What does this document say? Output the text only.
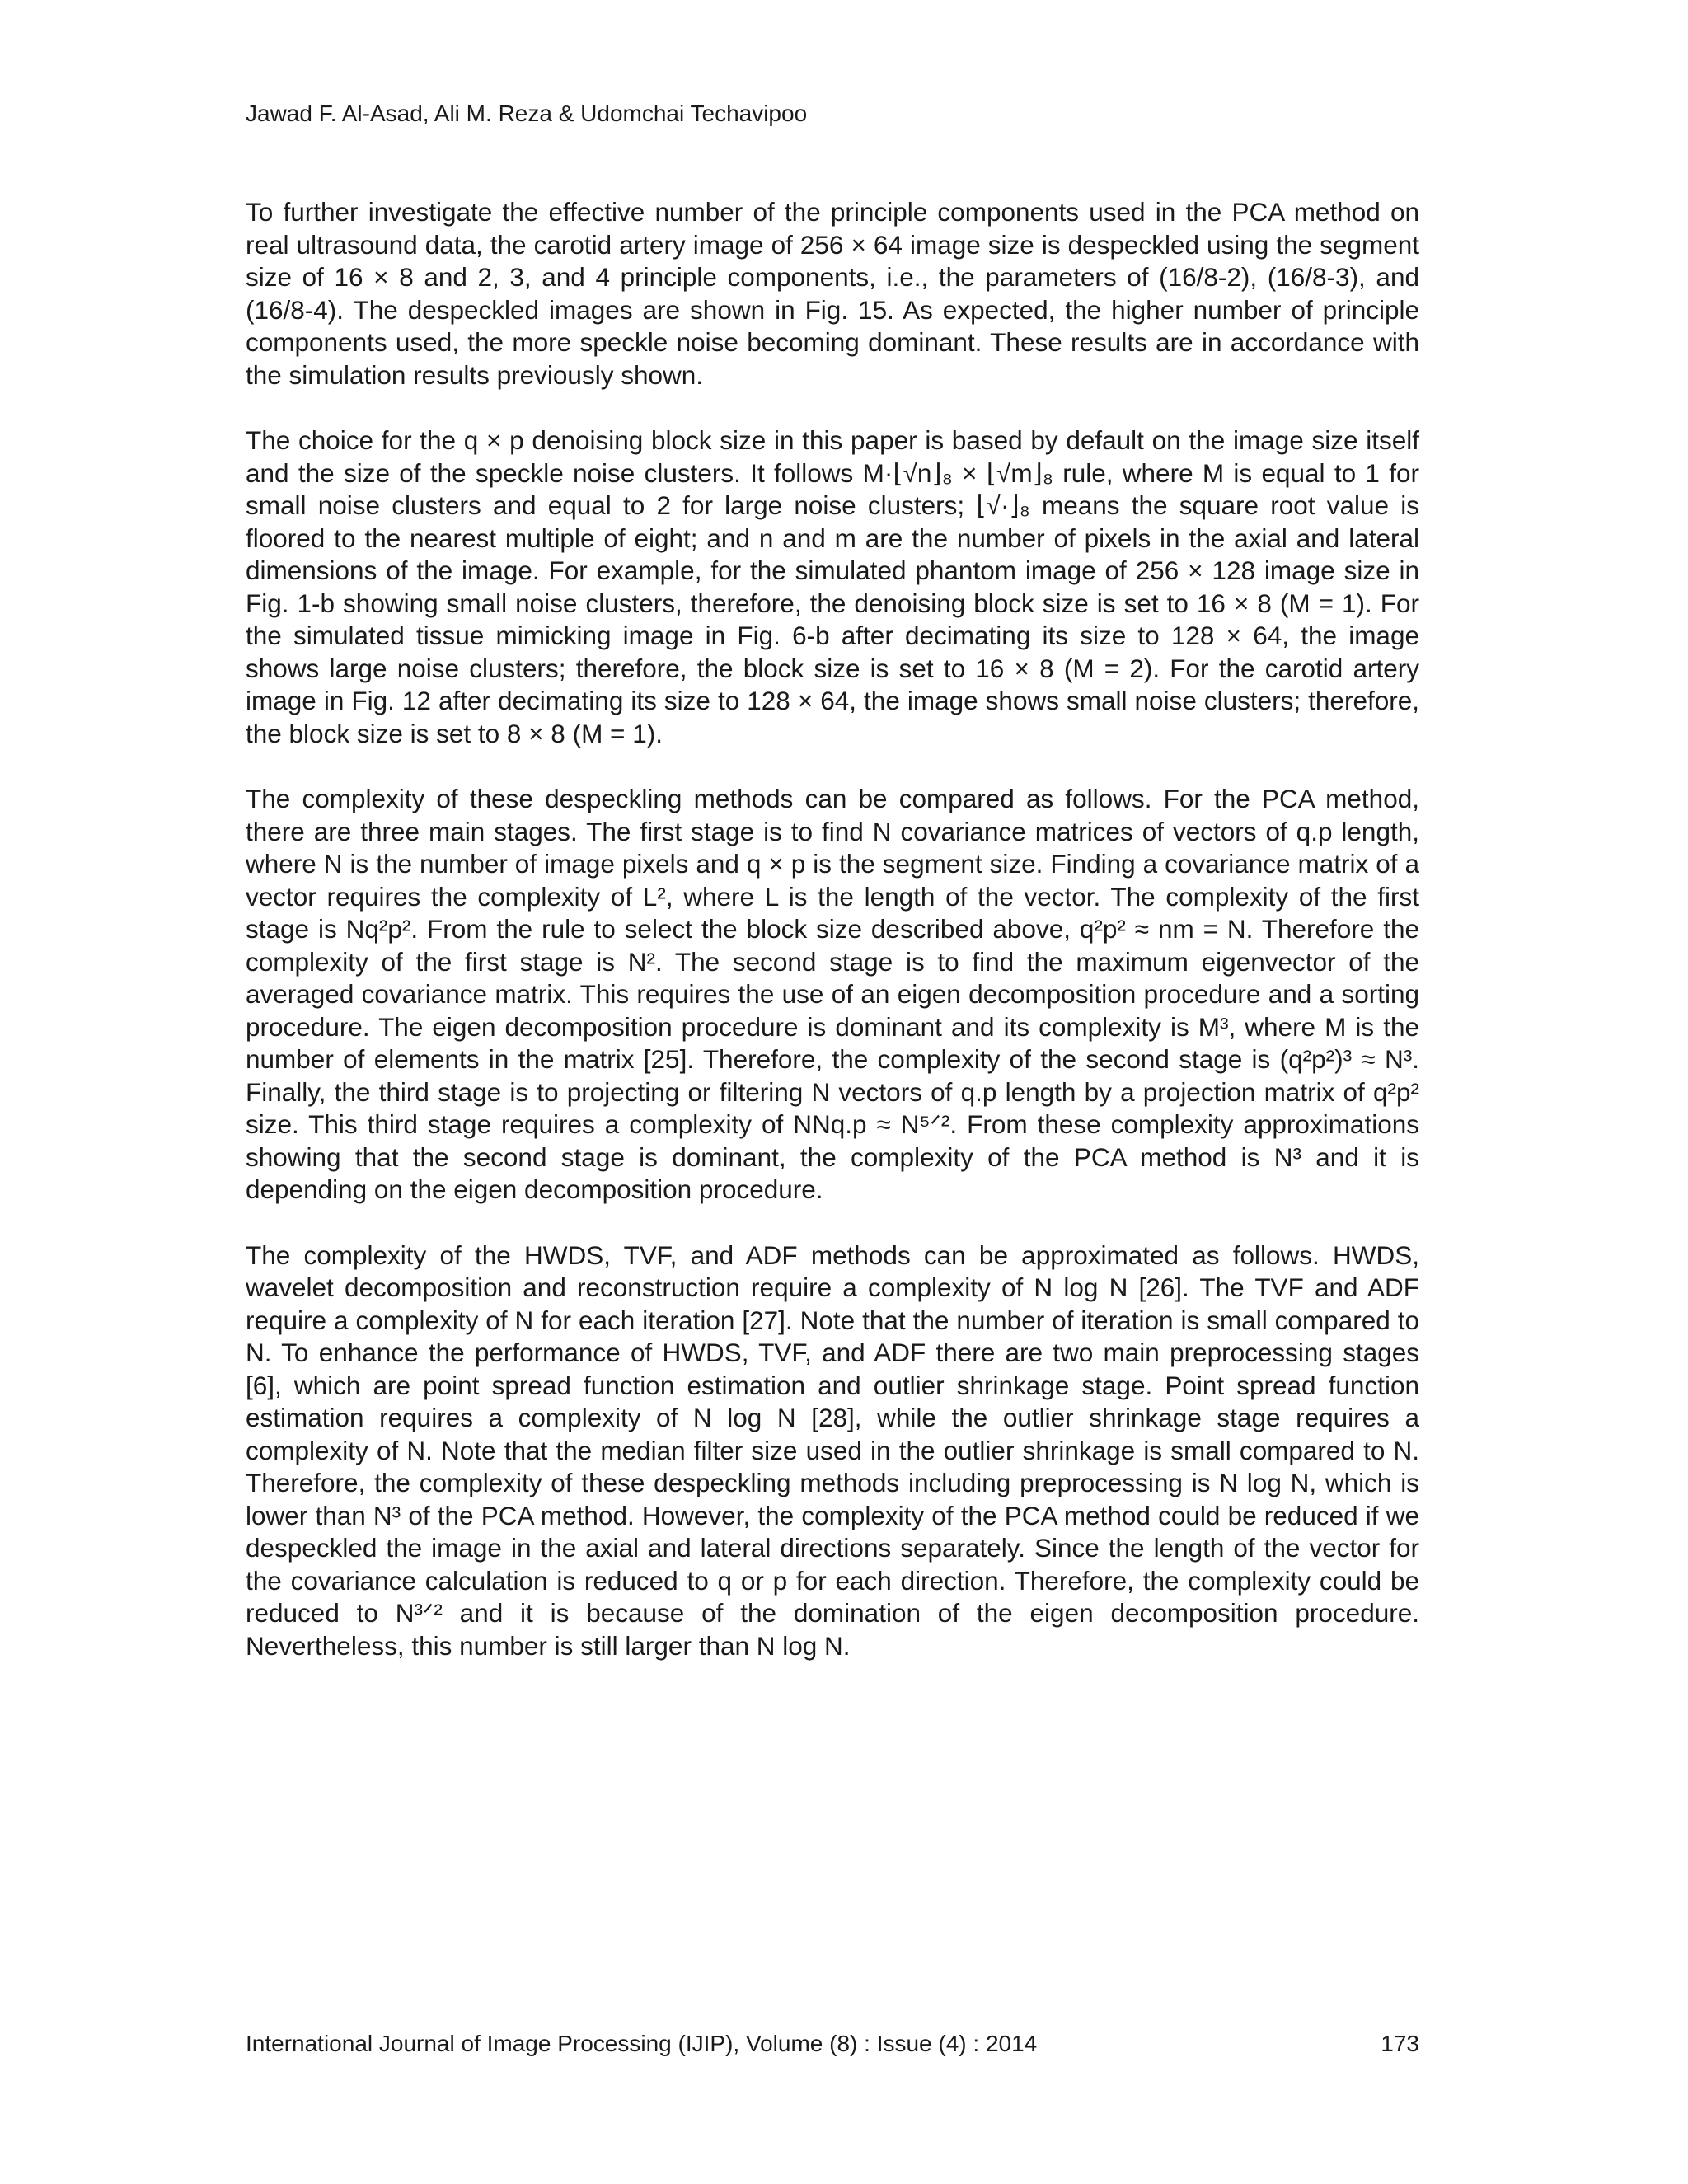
Jawad F. Al-Asad, Ali M. Reza & Udomchai Techavipoo

To further investigate the effective number of the principle components used in the PCA method on real ultrasound data, the carotid artery image of 256 × 64 image size is despeckled using the segment size of 16 × 8 and 2, 3, and 4 principle components, i.e., the parameters of (16/8-2), (16/8-3), and (16/8-4). The despeckled images are shown in Fig. 15. As expected, the higher number of principle components used, the more speckle noise becoming dominant. These results are in accordance with the simulation results previously shown.

The choice for the q × p denoising block size in this paper is based by default on the image size itself and the size of the speckle noise clusters. It follows M·⌊√n⌋₈ × ⌊√m⌋₈ rule, where M is equal to 1 for small noise clusters and equal to 2 for large noise clusters; ⌊√·⌋₈ means the square root value is floored to the nearest multiple of eight; and n and m are the number of pixels in the axial and lateral dimensions of the image. For example, for the simulated phantom image of 256 × 128 image size in Fig. 1-b showing small noise clusters, therefore, the denoising block size is set to 16 × 8 (M = 1). For the simulated tissue mimicking image in Fig. 6-b after decimating its size to 128 × 64, the image shows large noise clusters; therefore, the block size is set to 16 × 8 (M = 2). For the carotid artery image in Fig. 12 after decimating its size to 128 × 64, the image shows small noise clusters; therefore, the block size is set to 8 × 8 (M = 1).

The complexity of these despeckling methods can be compared as follows. For the PCA method, there are three main stages. The first stage is to find N covariance matrices of vectors of q.p length, where N is the number of image pixels and q × p is the segment size. Finding a covariance matrix of a vector requires the complexity of L², where L is the length of the vector. The complexity of the first stage is Nq²p². From the rule to select the block size described above, q²p² ≈ nm = N. Therefore the complexity of the first stage is N². The second stage is to find the maximum eigenvector of the averaged covariance matrix. This requires the use of an eigen decomposition procedure and a sorting procedure. The eigen decomposition procedure is dominant and its complexity is M³, where M is the number of elements in the matrix [25]. Therefore, the complexity of the second stage is (q²p²)³ ≈ N³. Finally, the third stage is to projecting or filtering N vectors of q.p length by a projection matrix of q²p² size. This third stage requires a complexity of NNq.p ≈ N⁵ᐟ². From these complexity approximations showing that the second stage is dominant, the complexity of the PCA method is N³ and it is depending on the eigen decomposition procedure.

The complexity of the HWDS, TVF, and ADF methods can be approximated as follows. HWDS, wavelet decomposition and reconstruction require a complexity of N log N [26]. The TVF and ADF require a complexity of N for each iteration [27]. Note that the number of iteration is small compared to N. To enhance the performance of HWDS, TVF, and ADF there are two main preprocessing stages [6], which are point spread function estimation and outlier shrinkage stage. Point spread function estimation requires a complexity of N log N [28], while the outlier shrinkage stage requires a complexity of N. Note that the median filter size used in the outlier shrinkage is small compared to N. Therefore, the complexity of these despeckling methods including preprocessing is N log N, which is lower than N³ of the PCA method. However, the complexity of the PCA method could be reduced if we despeckled the image in the axial and lateral directions separately. Since the length of the vector for the covariance calculation is reduced to q or p for each direction. Therefore, the complexity could be reduced to N³ᐟ² and it is because of the domination of the eigen decomposition procedure. Nevertheless, this number is still larger than N log N.

International Journal of Image Processing (IJIP), Volume (8) : Issue (4) : 2014	173
